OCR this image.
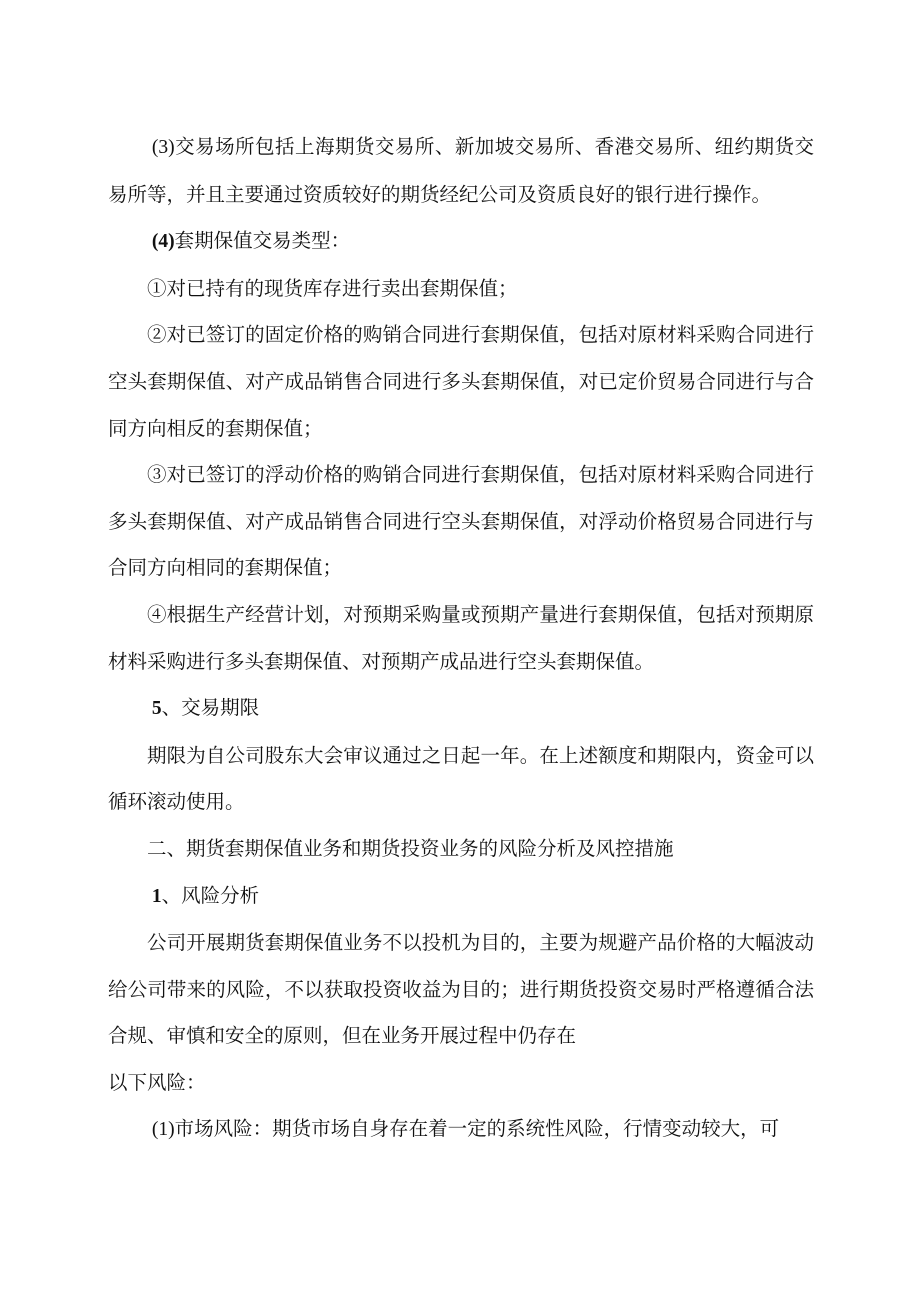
(3)交易场所包括上海期货交易所、新加坡交易所、香港交易所、纽约期货交易所等，并且主要通过资质较好的期货经纪公司及资质良好的银行进行操作。

(4)套期保值交易类型：

①对已持有的现货库存进行卖出套期保值；

②对已签订的固定价格的购销合同进行套期保值，包括对原材料采购合同进行空头套期保值、对产成品销售合同进行多头套期保值，对已定价贸易合同进行与合同方向相反的套期保值；

③对已签订的浮动价格的购销合同进行套期保值，包括对原材料采购合同进行多头套期保值、对产成品销售合同进行空头套期保值，对浮动价格贸易合同进行与合同方向相同的套期保值；

④根据生产经营计划，对预期采购量或预期产量进行套期保值，包括对预期原材料采购进行多头套期保值、对预期产成品进行空头套期保值。

5、交易期限

期限为自公司股东大会审议通过之日起一年。在上述额度和期限内，资金可以循环滚动使用。

二、期货套期保值业务和期货投资业务的风险分析及风控措施

1、风险分析

公司开展期货套期保值业务不以投机为目的，主要为规避产品价格的大幅波动给公司带来的风险，不以获取投资收益为目的；进行期货投资交易时严格遵循合法合规、审慎和安全的原则，但在业务开展过程中仍存在

以下风险：

(1)市场风险：期货市场自身存在着一定的系统性风险，行情变动较大，可
